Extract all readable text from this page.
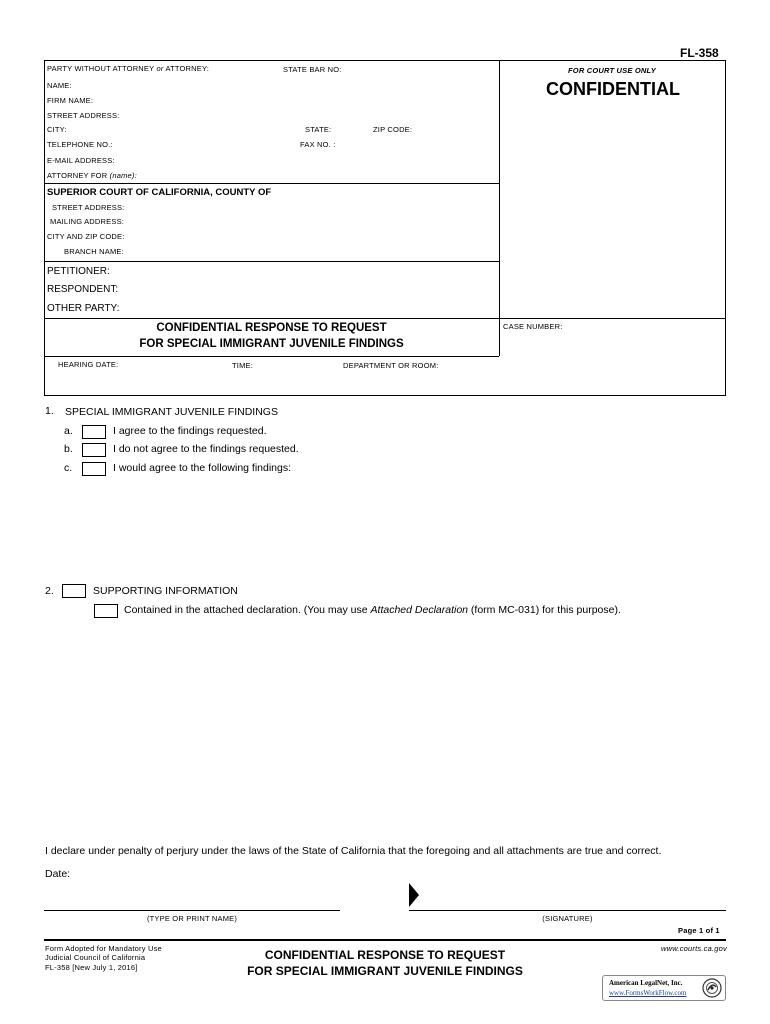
FL-358
PARTY WITHOUT ATTORNEY or ATTORNEY:	STATE BAR NO:	FOR COURT USE ONLY
CONFIDENTIAL
NAME:
FIRM NAME:
STREET ADDRESS:
CITY:	STATE:	ZIP CODE:
TELEPHONE NO.:	FAX NO. :
E-MAIL ADDRESS:
ATTORNEY FOR (name):
SUPERIOR COURT OF CALIFORNIA, COUNTY OF
STREET ADDRESS:
MAILING ADDRESS:
CITY AND ZIP CODE:
BRANCH NAME:
PETITIONER:
RESPONDENT:
OTHER PARTY:
CONFIDENTIAL RESPONSE TO REQUEST
FOR SPECIAL IMMIGRANT JUVENILE FINDINGS
CASE NUMBER:
HEARING DATE:	TIME:	DEPARTMENT OR ROOM:
1. SPECIAL IMMIGRANT JUVENILE FINDINGS
a.	I agree to the findings requested.
b.	I do not agree to the findings requested.
c.	I would agree to the following findings:
2.	SUPPORTING INFORMATION
Contained in the attached declaration. (You may use Attached Declaration (form MC-031) for this purpose).
I declare under penalty of perjury under the laws of the State of California that the foregoing and all attachments are true and correct.
Date:
(TYPE OR PRINT NAME)	(SIGNATURE)
Page 1 of 1
Form Adopted for Mandatory Use
Judicial Council of California
FL-358 [New July 1, 2016]
CONFIDENTIAL RESPONSE TO REQUEST
FOR SPECIAL IMMIGRANT JUVENILE FINDINGS
www.courts.ca.gov
American LegalNet, Inc.
www.FormsWorkFlow.com
